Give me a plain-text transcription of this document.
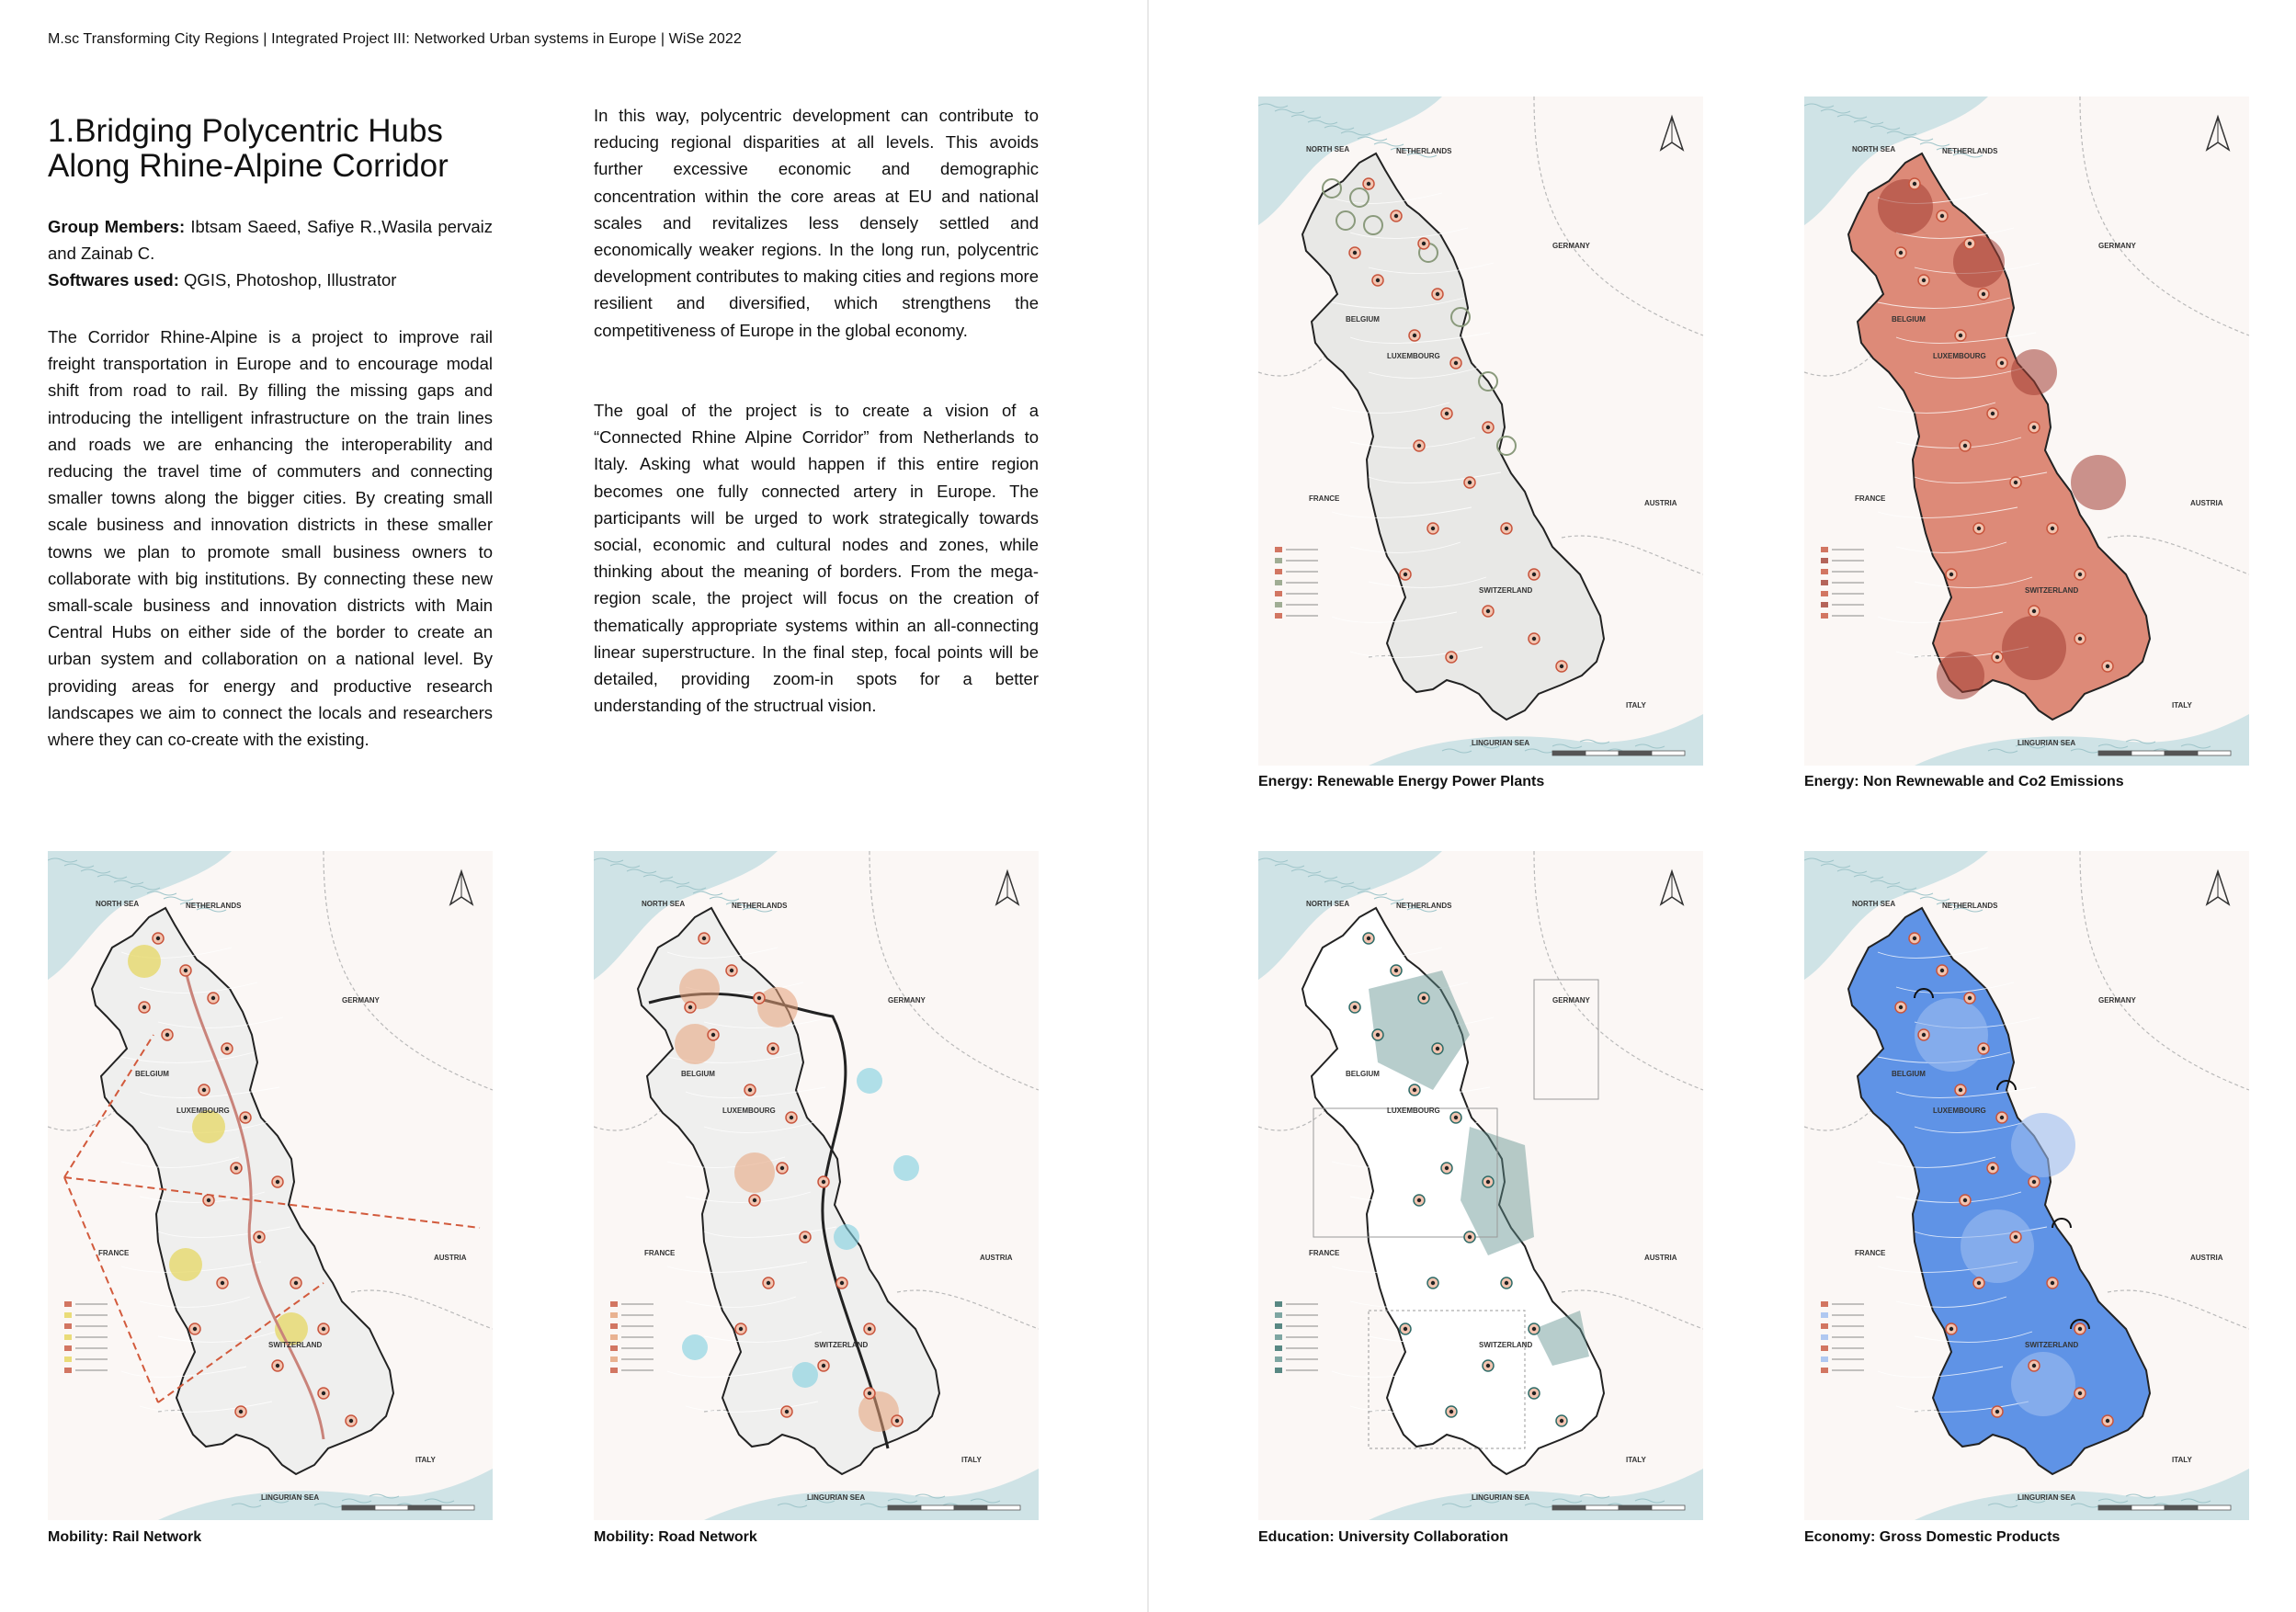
M.sc Transforming City Regions | Integrated Project III: Networked Urban systems in Europe | WiSe 2022
1.Bridging Polycentric Hubs
Along Rhine-Alpine Corridor
Group Members: Ibtsam Saeed, Safiye R.,Wasila pervaiz and Zainab C.
Softwares used: QGIS, Photoshop, Illustrator
The Corridor Rhine-Alpine is a project to improve rail freight transportation in Europe and to encourage modal shift from road to rail. By filling the missing gaps and introducing the intelligent infrastructure on the train lines and roads we are enhancing the interoperability and reducing the travel time of commuters and connecting smaller towns along the bigger cities. By creating small scale business and innovation districts in these smaller towns we plan to promote small business owners to collaborate with big institutions. By connecting these new small-scale business and innovation districts with Main Central Hubs on either side of the border to create an urban system and collaboration on a national level. By providing areas for energy and productive research landscapes we aim to connect the locals and researchers where they can co-create with the existing.
In this way, polycentric development can contribute to reducing regional disparities at all levels. This avoids further excessive economic and demographic concentration within the core areas at EU and national scales and revitalizes less densely settled and economically weaker regions. In the long run, polycentric development contributes to making cities and regions more resilient and diversified, which strengthens the competitiveness of Europe in the global economy.
The goal of the project is to create a vision of a “Connected Rhine Alpine Corridor” from Netherlands to Italy. Asking what would happen if this entire region becomes one fully connected artery in Europe. The participants will be urged to work strategically towards social, economic and cultural nodes and zones, while thinking about the meaning of borders. From the mega-region scale, the project will focus on the creation of thematically appropriate systems within an all-connecting linear superstructure. In the final step, focal points will be detailed, providing zoom-in spots for a better understanding of the structrual vision.
NORTH SEA	NETHERLANDS
GERMANY
BELGIUM
LUXEMBOURG
FRANCE
AUSTRIA
SWITZERLAND
ITALY
LINGURIAN SEA
Mobility: Rail Network
NORTH SEA	NETHERLANDS
GERMANY
BELGIUM
LUXEMBOURG
FRANCE
AUSTRIA
SWITZERLAND
ITALY
LINGURIAN SEA
Mobility: Road Network
NORTH SEA	NETHERLANDS
GERMANY
BELGIUM
LUXEMBOURG
FRANCE
AUSTRIA
SWITZERLAND
ITALY
LINGURIAN SEA
Energy: Renewable Energy Power Plants
NORTH SEA	NETHERLANDS
GERMANY
BELGIUM
LUXEMBOURG
FRANCE
AUSTRIA
SWITZERLAND
ITALY
LINGURIAN SEA
Energy: Non Rewnewable and Co2 Emissions
NORTH SEA	NETHERLANDS
GERMANY
BELGIUM
LUXEMBOURG
FRANCE
AUSTRIA
SWITZERLAND
ITALY
LINGURIAN SEA
Education: University Collaboration
NORTH SEA	NETHERLANDS
GERMANY
BELGIUM
LUXEMBOURG
FRANCE
AUSTRIA
SWITZERLAND
ITALY
LINGURIAN SEA
Economy: Gross Domestic Products
